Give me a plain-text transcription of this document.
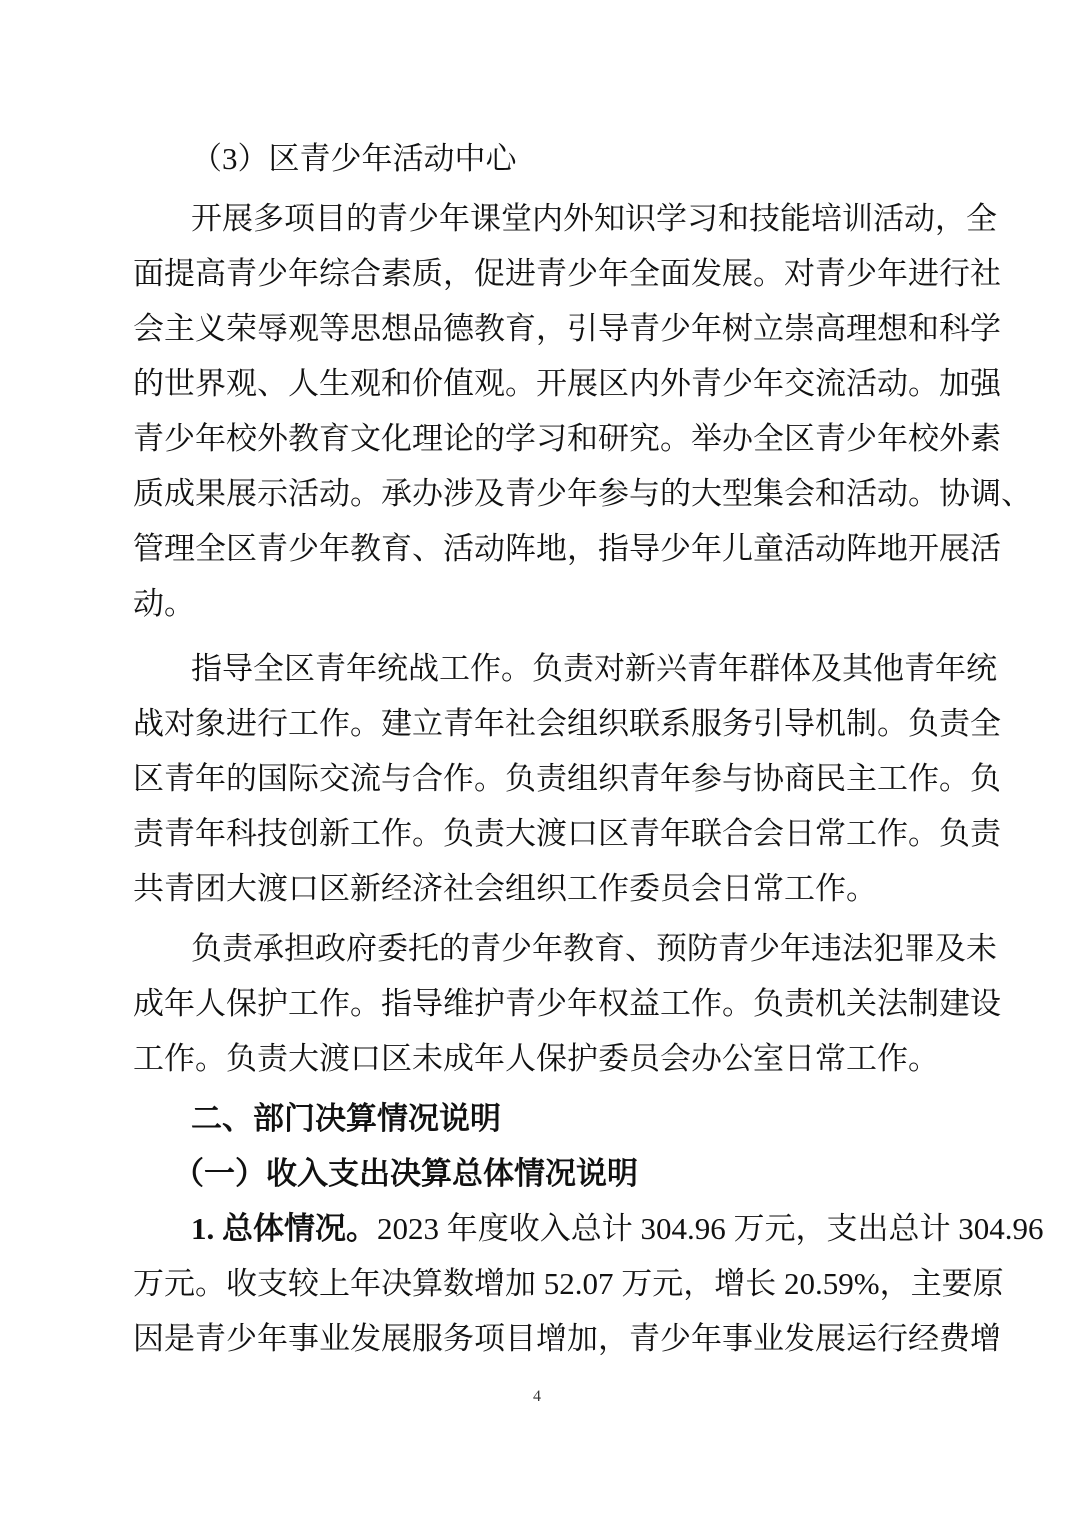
（3）区青少年活动中心
开展多项目的青少年课堂内外知识学习和技能培训活动，全
面提高青少年综合素质，促进青少年全面发展。对青少年进行社
会主义荣辱观等思想品德教育，引导青少年树立崇高理想和科学
的世界观、人生观和价值观。开展区内外青少年交流活动。加强
青少年校外教育文化理论的学习和研究。举办全区青少年校外素
质成果展示活动。承办涉及青少年参与的大型集会和活动。协调、
管理全区青少年教育、活动阵地，指导少年儿童活动阵地开展活
动。
指导全区青年统战工作。负责对新兴青年群体及其他青年统
战对象进行工作。建立青年社会组织联系服务引导机制。负责全
区青年的国际交流与合作。负责组织青年参与协商民主工作。负
责青年科技创新工作。负责大渡口区青年联合会日常工作。负责
共青团大渡口区新经济社会组织工作委员会日常工作。
负责承担政府委托的青少年教育、预防青少年违法犯罪及未
成年人保护工作。指导维护青少年权益工作。负责机关法制建设
工作。负责大渡口区未成年人保护委员会办公室日常工作。
二、部门决算情况说明
（一）收入支出决算总体情况说明
1. 总体情况。2023 年度收入总计 304.96 万元，支出总计 304.96
万元。收支较上年决算数增加 52.07 万元，增长 20.59%，主要原
因是青少年事业发展服务项目增加，青少年事业发展运行经费增
4
